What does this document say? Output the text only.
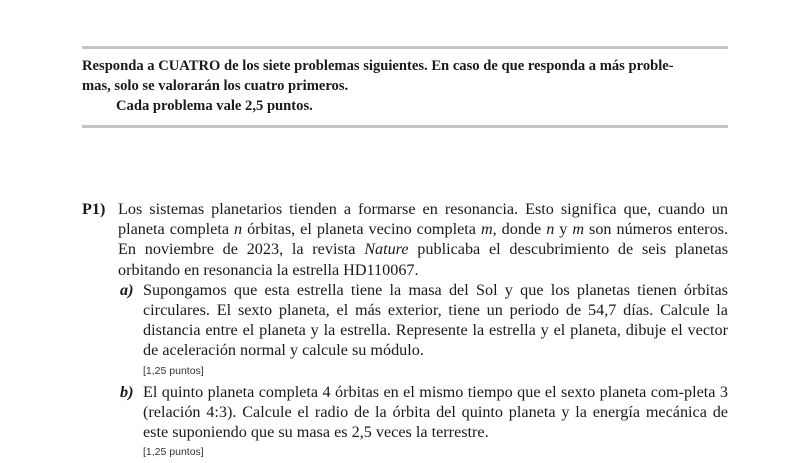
Responda a CUATRO de los siete problemas siguientes. En caso de que responda a más proble-

mas, solo se valorarán los cuatro primeros.

Cada problema vale 2,5 puntos.

P1) Los sistemas planetarios tienden a formarse en resonancia. Esto significa que, cuando un planeta completa n órbitas, el planeta vecino completa m, donde n y m son números enteros. En noviembre de 2023, la revista Nature publicaba el descubrimiento de seis planetas orbitando en resonancia la estrella HD110067.

a) Supongamos que esta estrella tiene la masa del Sol y que los planetas tienen órbitas circulares. El sexto planeta, el más exterior, tiene un periodo de 54,7 días. Calcule la distancia entre el planeta y la estrella. Represente la estrella y el planeta, dibuje el vector de aceleración normal y calcule su módulo.

[1,25 puntos]
b) El quinto planeta completa 4 órbitas en el mismo tiempo que el sexto planeta com-pleta 3 (relación 4:3). Calcule el radio de la órbita del quinto planeta y la energía mecánica de este suponiendo que su masa es 2,5 veces la terrestre.

[1,25 puntos]
